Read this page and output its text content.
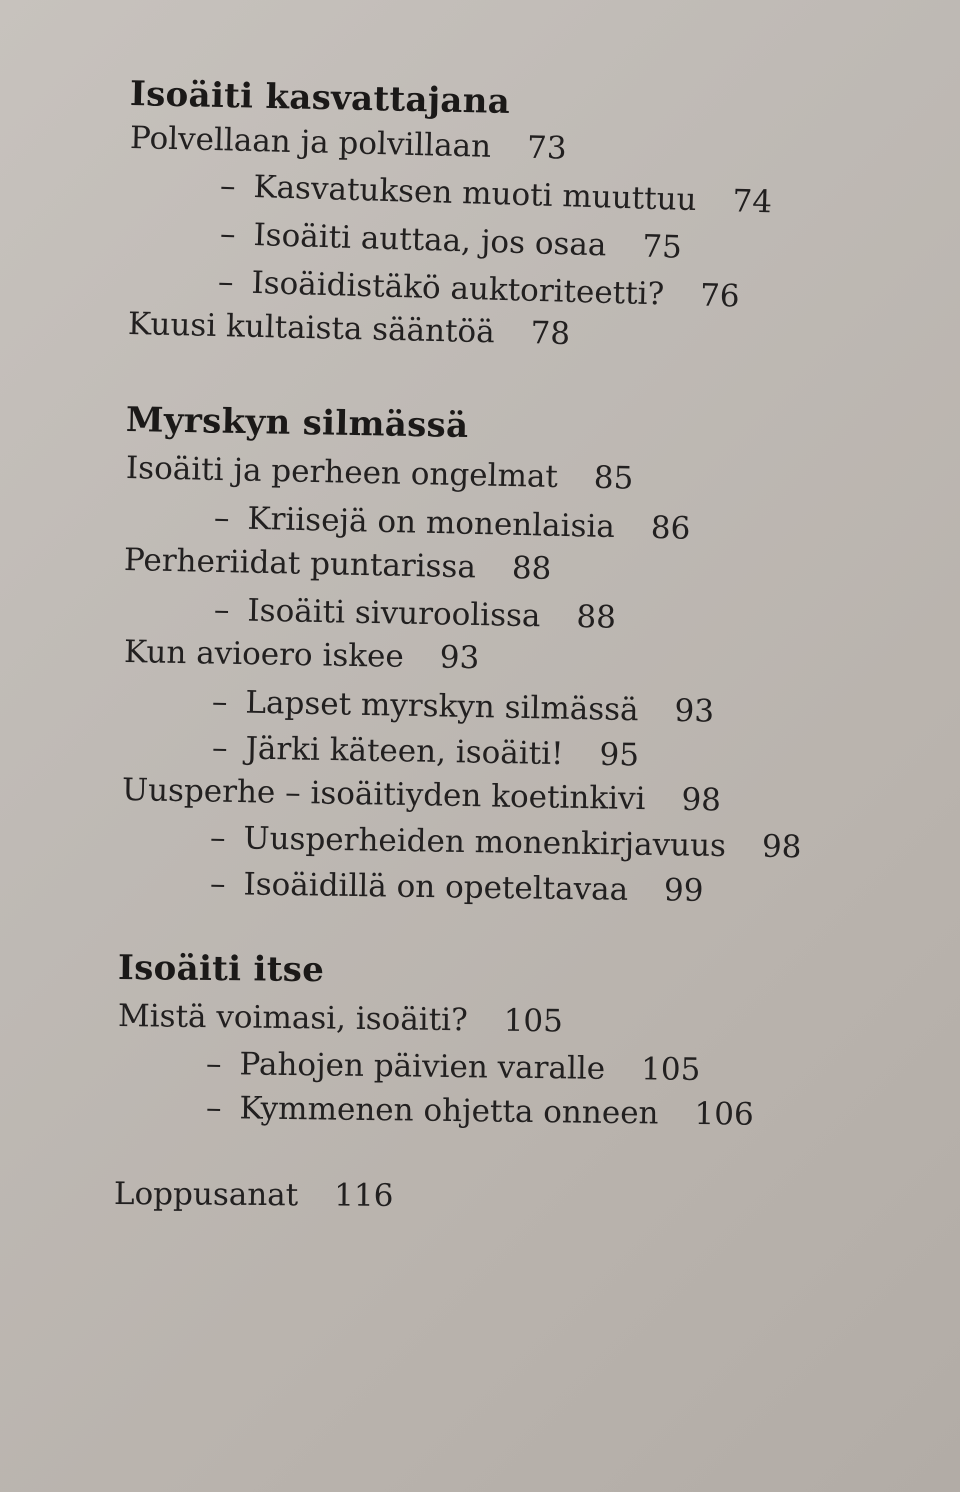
Isoäiti kasvattajana
Polvellaan ja polvillaan 73
– Kasvatuksen muoti muuttuu 74
– Isoäiti auttaa, jos osaa 75
– Isoäidistäkö auktoriteetti? 76
Kuusi kultaista sääntöä 78
Myrskyn silmässä
Isoäiti ja perheen ongelmat 85
– Kriisejä on monenlaisia 86
Perheriidat puntarissa 88
– Isoäiti sivuroolissa 88
Kun avioero iskee 93
– Lapset myrskyn silmässä 93
– Järki käteen, isoäiti! 95
Uusperhe – isoäitiyden koetinkivi 98
– Uusperheiden monenkirjavuus 98
– Isoäidillä on opeteltavaa 99
Isoäiti itse
Mistä voimasi, isoäiti? 105
– Pahojen päivien varalle 105
– Kymmenen ohjetta onneen 106
Loppusanat 116
